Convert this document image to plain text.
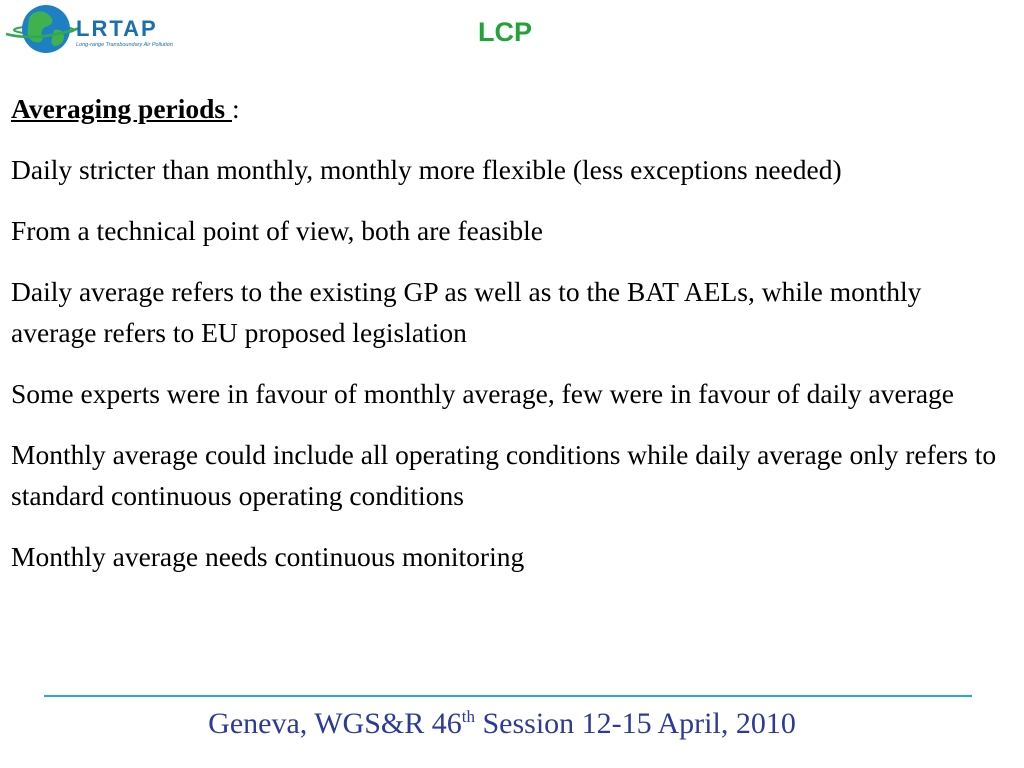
LRTAP
Long-range Transboundary Air Pollution	LCP

Averaging periods :

Daily stricter than monthly, monthly more flexible (less exceptions needed)

From a technical point of view, both are feasible

Daily average refers to the existing GP as well as to the BAT AELs, while monthly average refers to EU proposed legislation

Some experts were in favour of monthly average, few were in favour of daily average

Monthly average could include all operating conditions while daily average only refers to standard continuous operating conditions

Monthly average needs continuous monitoring

Geneva, WGS&R 46th Session 12-15 April, 2010
